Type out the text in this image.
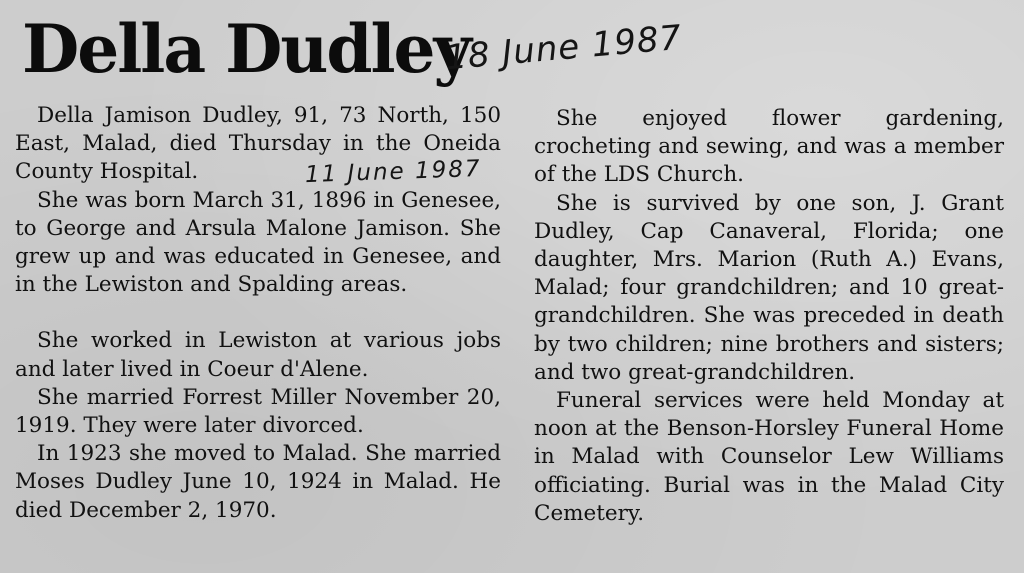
Della Dudley
18 June 1987

Della Jamison Dudley, 91, 73 North, 150 East, Malad, died Thursday in the Oneida County Hospital.

She was born March 31, 1896 in Genesee, to George and Arsula Malone Jamison. She grew up and was educated in Genesee, and in the Lewiston and Spalding areas.

She worked in Lewiston at various jobs and later lived in Coeur d'Alene.

She married Forrest Miller November 20, 1919. They were later divorced.

In 1923 she moved to Malad. She married Moses Dudley June 10, 1924 in Malad. He died December 2, 1970.

11 June 1987

She enjoyed flower gardening, crocheting and sewing, and was a member of the LDS Church.

She is survived by one son, J. Grant Dudley, Cap Canaveral, Florida; one daughter, Mrs. Marion (Ruth A.) Evans, Malad; four grandchildren; and 10 great-grandchildren. She was preceded in death by two children; nine brothers and sisters; and two great-grandchildren.

Funeral services were held Monday at noon at the Benson-Horsley Funeral Home in Malad with Counselor Lew Williams officiating. Burial was in the Malad City Cemetery.
